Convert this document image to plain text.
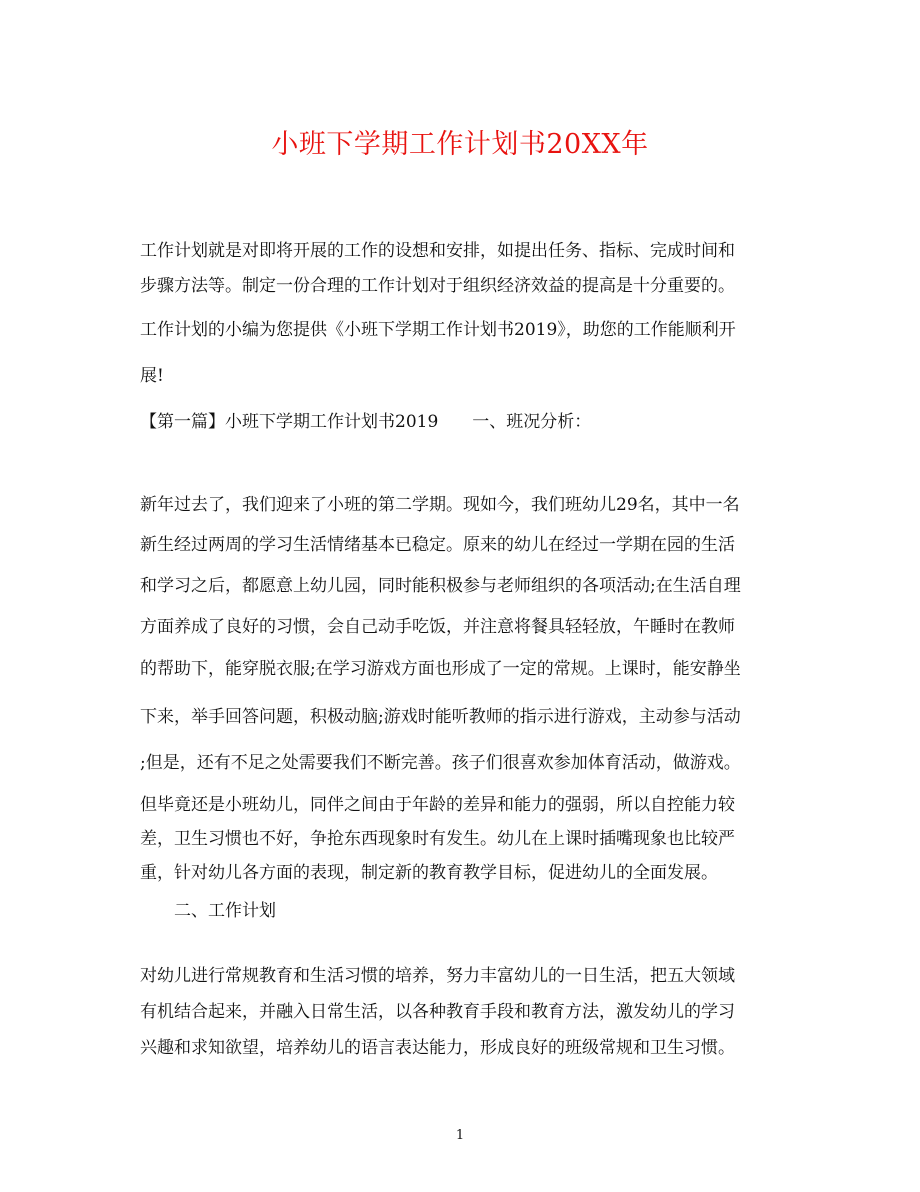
小班下学期工作计划书20XX年
工作计划就是对即将开展的工作的设想和安排，如提出任务、指标、完成时间和
步骤方法等。制定一份合理的工作计划对于组织经济效益的提高是十分重要的。
工作计划的小编为您提供《小班下学期工作计划书2019》，助您的工作能顺利开
展!
【第一篇】小班下学期工作计划书2019　　一、班况分析：
新年过去了，我们迎来了小班的第二学期。现如今，我们班幼儿29名，其中一名
新生经过两周的学习生活情绪基本已稳定。原来的幼儿在经过一学期在园的生活
和学习之后，都愿意上幼儿园，同时能积极参与老师组织的各项活动;在生活自理
方面养成了良好的习惯，会自己动手吃饭，并注意将餐具轻轻放，午睡时在教师
的帮助下，能穿脱衣服;在学习游戏方面也形成了一定的常规。上课时，能安静坐
下来，举手回答问题，积极动脑;游戏时能听教师的指示进行游戏，主动参与活动
;但是，还有不足之处需要我们不断完善。孩子们很喜欢参加体育活动，做游戏。
但毕竟还是小班幼儿，同伴之间由于年龄的差异和能力的强弱，所以自控能力较
差，卫生习惯也不好，争抢东西现象时有发生。幼儿在上课时插嘴现象也比较严
重，针对幼儿各方面的表现，制定新的教育教学目标，促进幼儿的全面发展。
　　二、工作计划
对幼儿进行常规教育和生活习惯的培养，努力丰富幼儿的一日生活，把五大领域
有机结合起来，并融入日常生活，以各种教育手段和教育方法，激发幼儿的学习
兴趣和求知欲望，培养幼儿的语言表达能力，形成良好的班级常规和卫生习惯。
1
